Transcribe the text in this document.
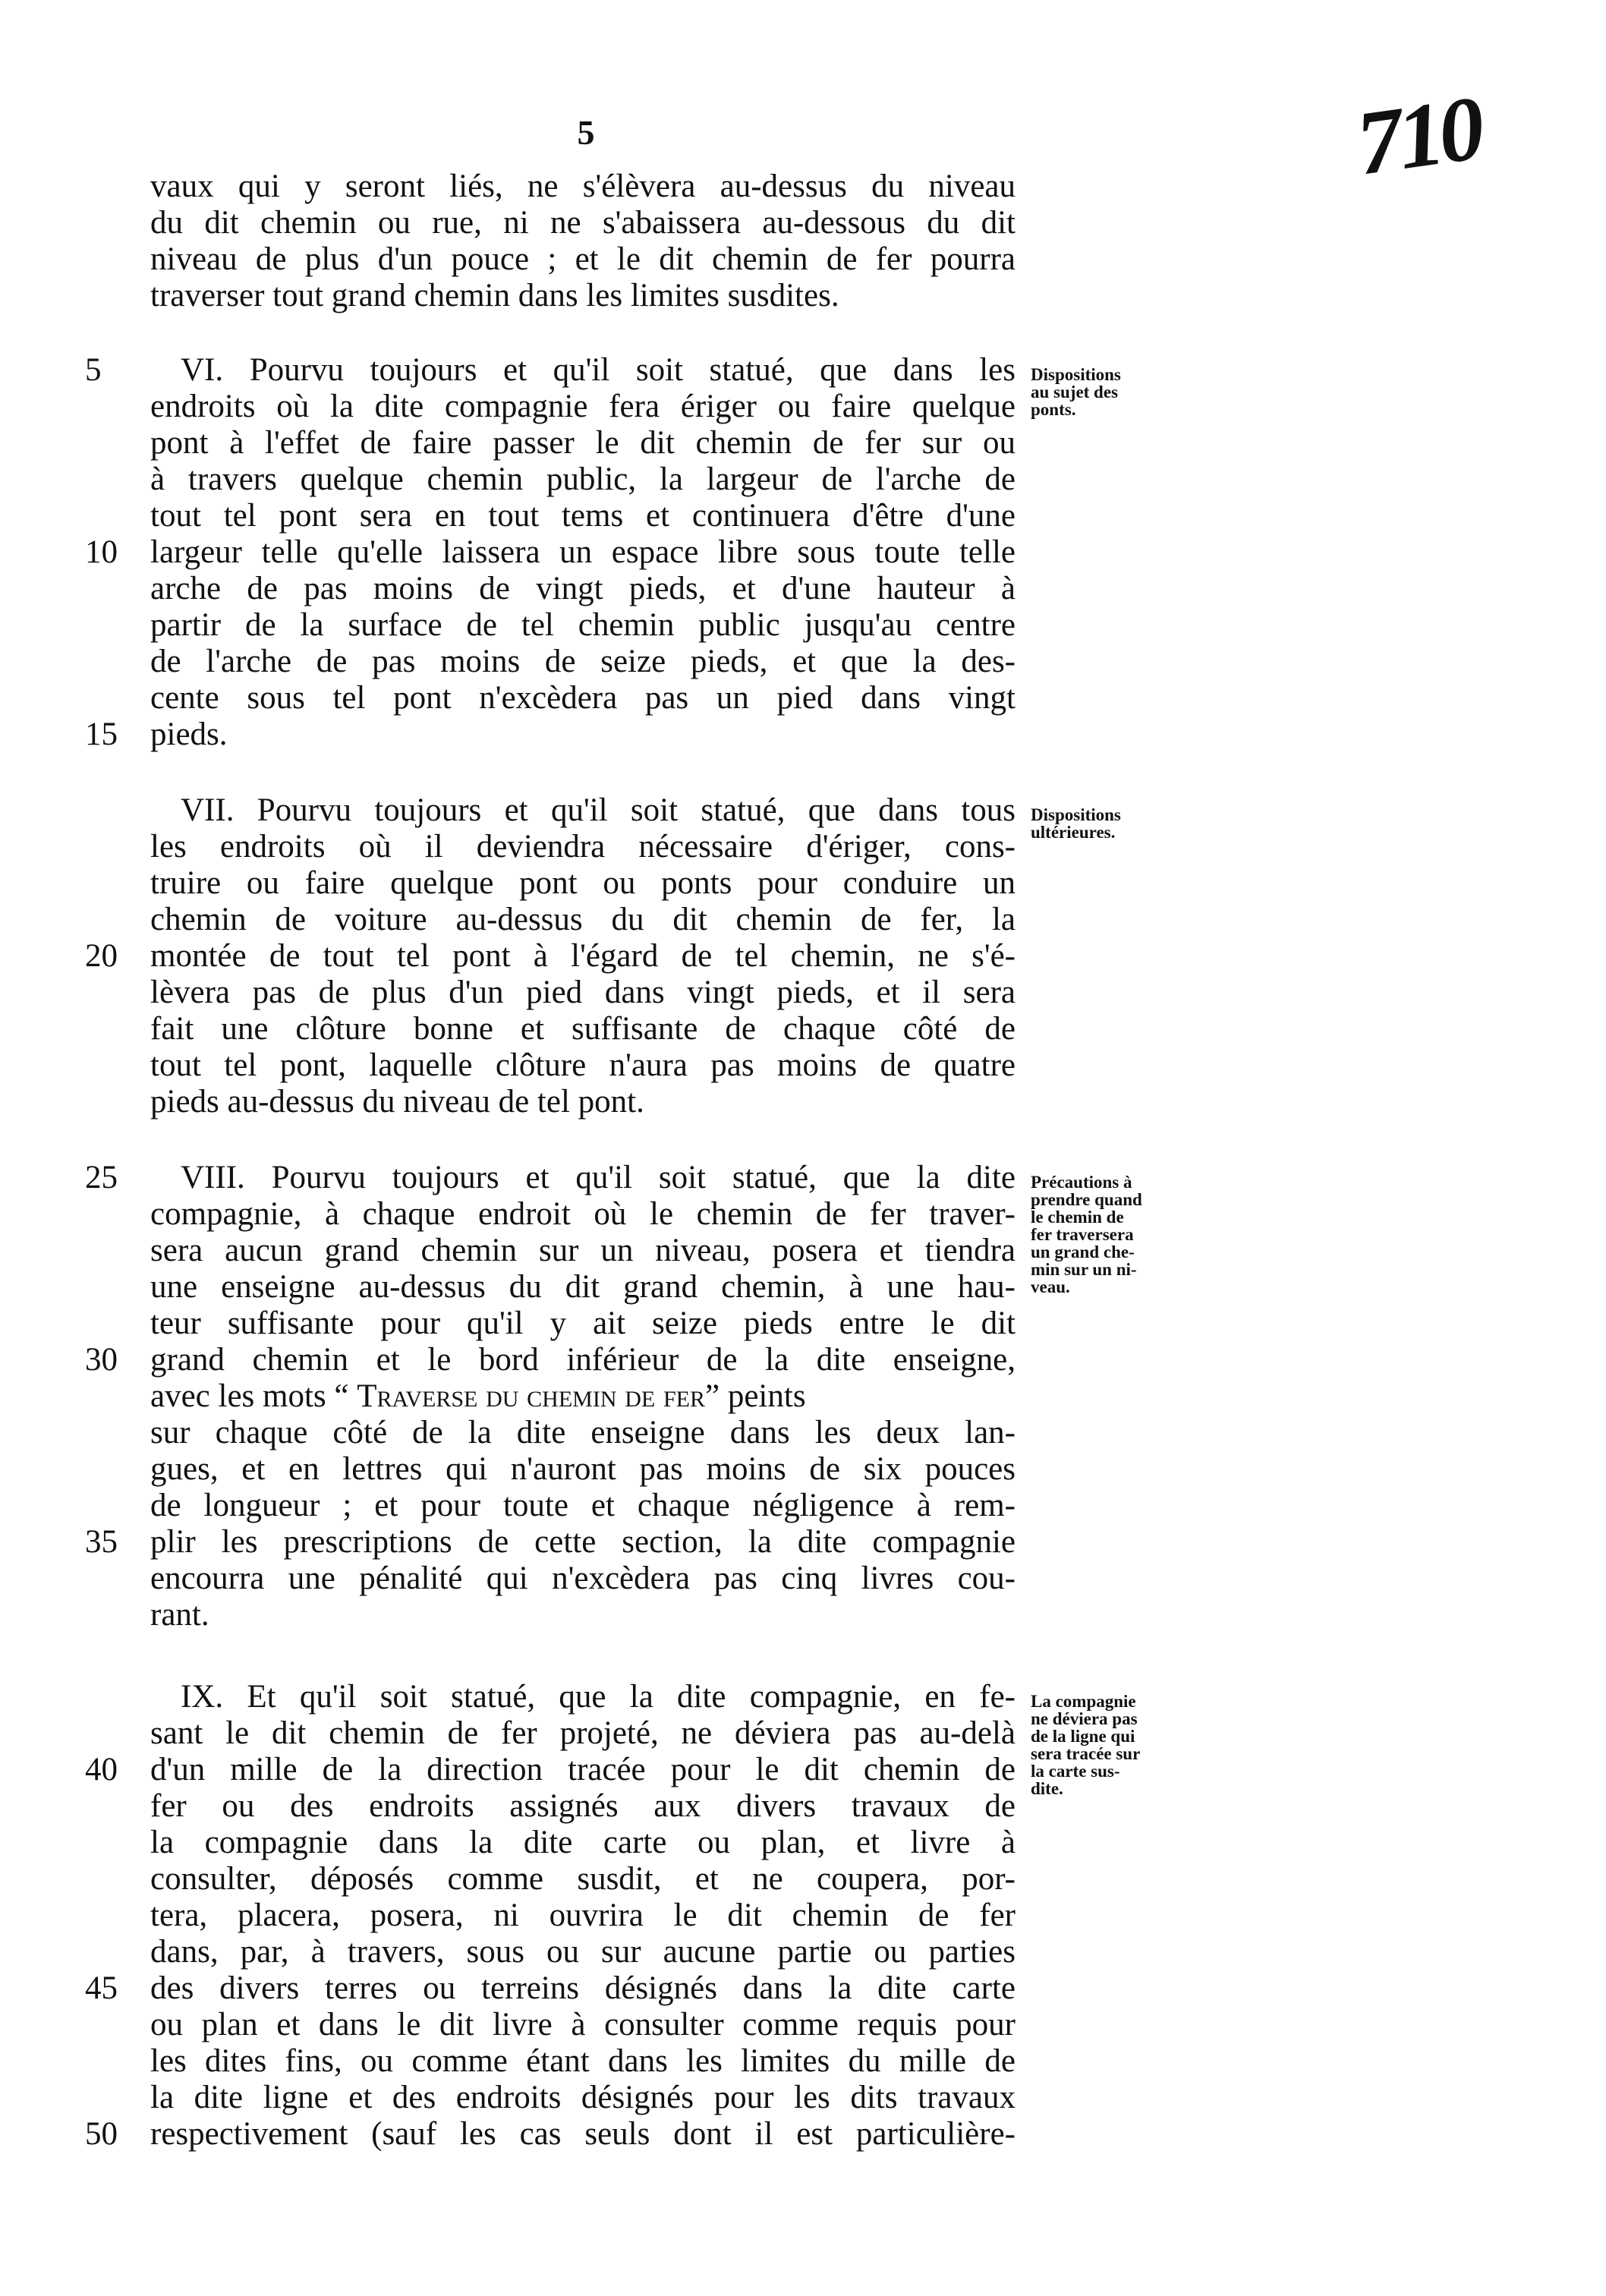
5	710
vaux qui y seront liés, ne s'élèvera au-dessus du niveau
du dit chemin ou rue, ni ne s'abaissera au-dessous du dit
niveau de plus d'un pouce ; et le dit chemin de fer pourra
traverser tout grand chemin dans les limites susdites.
VI. Pourvu toujours et qu'il soit statué, que dans les
endroits où la dite compagnie fera ériger ou faire quelque
pont à l'effet de faire passer le dit chemin de fer sur ou
à travers quelque chemin public, la largeur de l'arche de
tout tel pont sera en tout tems et continuera d'être d'une
largeur telle qu'elle laissera un espace libre sous toute telle
arche de pas moins de vingt pieds, et d'une hauteur à
partir de la surface de tel chemin public jusqu'au centre
de l'arche de pas moins de seize pieds, et que la des-
cente sous tel pont n'excèdera pas un pied dans vingt
pieds.
VII. Pourvu toujours et qu'il soit statué, que dans tous
les endroits où il deviendra nécessaire d'ériger, cons-
truire ou faire quelque pont ou ponts pour conduire un
chemin de voiture au-dessus du dit chemin de fer, la
montée de tout tel pont à l'égard de tel chemin, ne s'é-
lèvera pas de plus d'un pied dans vingt pieds, et il sera
fait une clôture bonne et suffisante de chaque côté de
tout tel pont, laquelle clôture n'aura pas moins de quatre
pieds au-dessus du niveau de tel pont.
VIII. Pourvu toujours et qu'il soit statué, que la dite
compagnie, à chaque endroit où le chemin de fer traver-
sera aucun grand chemin sur un niveau, posera et tiendra
une enseigne au-dessus du dit grand chemin, à une hau-
teur suffisante pour qu'il y ait seize pieds entre le dit
grand chemin et le bord inférieur de la dite enseigne,
avec les mots “ Traverse du chemin de fer” peints
sur chaque côté de la dite enseigne dans les deux lan-
gues, et en lettres qui n'auront pas moins de six pouces
de longueur ; et pour toute et chaque négligence à rem-
plir les prescriptions de cette section, la dite compagnie
encourra une pénalité qui n'excèdera pas cinq livres cou-
rant.
IX. Et qu'il soit statué, que la dite compagnie, en fe-
sant le dit chemin de fer projeté, ne déviera pas au-delà
d'un mille de la direction tracée pour le dit chemin de
fer ou des endroits assignés aux divers travaux de
la compagnie dans la dite carte ou plan, et livre à
consulter, déposés comme susdit, et ne coupera, por-
tera, placera, posera, ni ouvrira le dit chemin de fer
dans, par, à travers, sous ou sur aucune partie ou parties
des divers terres ou terreins désignés dans la dite carte
ou plan et dans le dit livre à consulter comme requis pour
les dites fins, ou comme étant dans les limites du mille de
la dite ligne et des endroits désignés pour les dits travaux
respectivement (sauf les cas seuls dont il est particulière-
5
10
15
20
25
30
35
40
45
50
Dispositions
au sujet des
ponts.
Dispositions
ultérieures.
Précautions à
prendre quand
le chemin de
fer traversera
un grand che-
min sur un ni-
veau.
La compagnie
ne déviera pas
de la ligne qui
sera tracée sur
la carte sus-
dite.
